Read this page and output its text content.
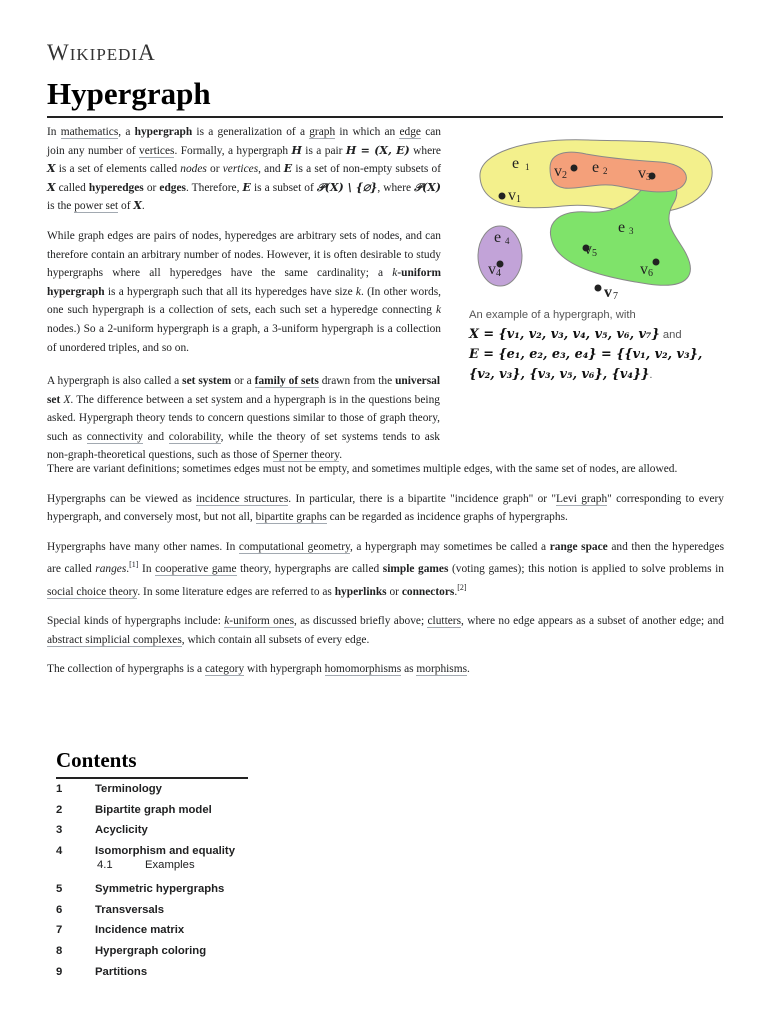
WIKIPEDIA
Hypergraph
e 1
v 1
v 2 e 2 v 3
e 3
e 4
v 4
v 5
v 6
v 7
An example of a hypergraph, with
X = {v₁, v₂, v₃, v₄, v₅, v₆, v₇} and
E = {e₁, e₂, e₃, e₄} = {{v₁, v₂, v₃},
{v₂, v₃}, {v₃, v₅, v₆}, {v₄}}.

In mathematics, a hypergraph is a generalization of a graph in which an edge can join any number of vertices. Formally, a hypergraph H is a pair H = (X, E) where X is a set of elements called nodes or vertices, and E is a set of non-empty subsets of X called hyperedges or edges. Therefore, E is a subset of 𝒫(X) \ {∅}, where 𝒫(X) is the power set of X.

While graph edges are pairs of nodes, hyperedges are arbitrary sets of nodes, and can therefore contain an arbitrary number of nodes. However, it is often desirable to study hypergraphs where all hyperedges have the same cardinality; a k-uniform hypergraph is a hypergraph such that all its hyperedges have size k. (In other words, one such hypergraph is a collection of sets, each such set a hyperedge connecting k nodes.) So a 2-uniform hypergraph is a graph, a 3-uniform hypergraph is a collection of unordered triples, and so on.

A hypergraph is also called a set system or a family of sets drawn from the universal set X. The difference between a set system and a hypergraph is in the questions being asked. Hypergraph theory tends to concern questions similar to those of graph theory, such as connectivity and colorability, while the theory of set systems tends to ask non-graph-theoretical questions, such as those of Sperner theory.

There are variant definitions; sometimes edges must not be empty, and sometimes multiple edges, with the same set of nodes, are allowed.

Hypergraphs can be viewed as incidence structures. In particular, there is a bipartite "incidence graph" or "Levi graph" corresponding to every hypergraph, and conversely most, but not all, bipartite graphs can be regarded as incidence graphs of hypergraphs.

Hypergraphs have many other names. In computational geometry, a hypergraph may sometimes be called a range space and then the hyperedges are called ranges.[1] In cooperative game theory, hypergraphs are called simple games (voting games); this notion is applied to solve problems in social choice theory. In some literature edges are referred to as hyperlinks or connectors.[2]

Special kinds of hypergraphs include: k-uniform ones, as discussed briefly above; clutters, where no edge appears as a subset of another edge; and abstract simplicial complexes, which contain all subsets of every edge.

The collection of hypergraphs is a category with hypergraph homomorphisms as morphisms.

Contents
1	Terminology
2	Bipartite graph model
3	Acyclicity
4	Isomorphism and equality
4.1	Examples
5	Symmetric hypergraphs
6	Transversals
7	Incidence matrix
8	Hypergraph coloring
9	Partitions
